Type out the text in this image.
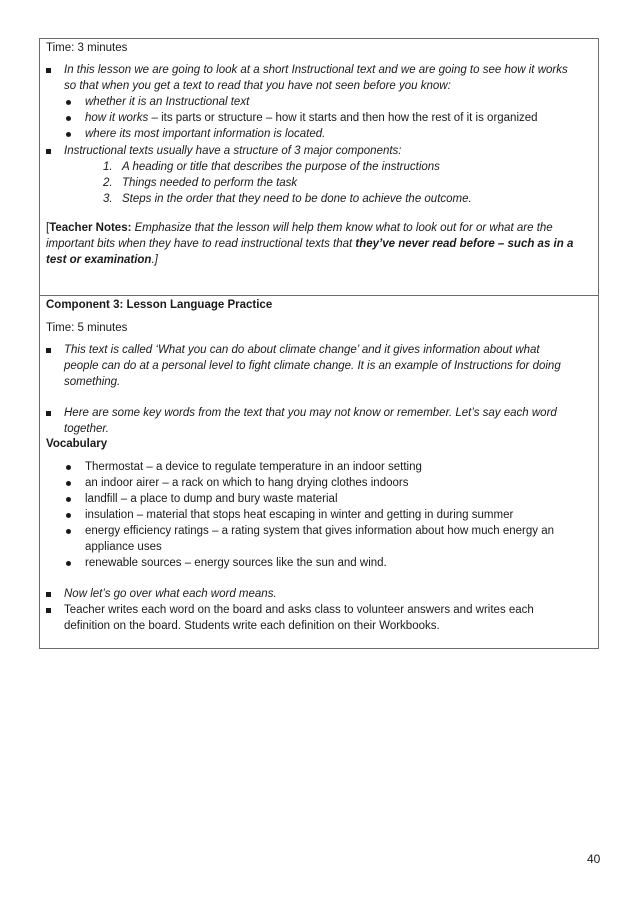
Time: 3 minutes
In this lesson we are going to look at a short Instructional text and we are going to see how it works
so that when you get a text to read that you have not seen before you know:
whether it is an Instructional text
how it works – its parts or structure – how it starts and then how the rest of it is organized
where its most important information is located.
Instructional texts usually have a structure of 3 major components:
1. A heading or title that describes the purpose of the instructions
2. Things needed to perform the task
3. Steps in the order that they need to be done to achieve the outcome.
[Teacher Notes: Emphasize that the lesson will help them know what to look out for or what are the
important bits when they have to read instructional texts that they’ve never read before – such as in a
test or examination.]
Component 3: Lesson Language Practice
Time: 5 minutes
This text is called ‘What you can do about climate change’ and it gives information about what
people can do at a personal level to fight climate change. It is an example of Instructions for doing
something.
Here are some key words from the text that you may not know or remember. Let’s say each word
together.
Vocabulary
Thermostat – a device to regulate temperature in an indoor setting
an indoor airer – a rack on which to hang drying clothes indoors
landfill – a place to dump and bury waste material
insulation – material that stops heat escaping in winter and getting in during summer
energy efficiency ratings – a rating system that gives information about how much energy an
appliance uses
renewable sources – energy sources like the sun and wind.
Now let’s go over what each word means.
Teacher writes each word on the board and asks class to volunteer answers and writes each
definition on the board. Students write each definition on their Workbooks.
40
